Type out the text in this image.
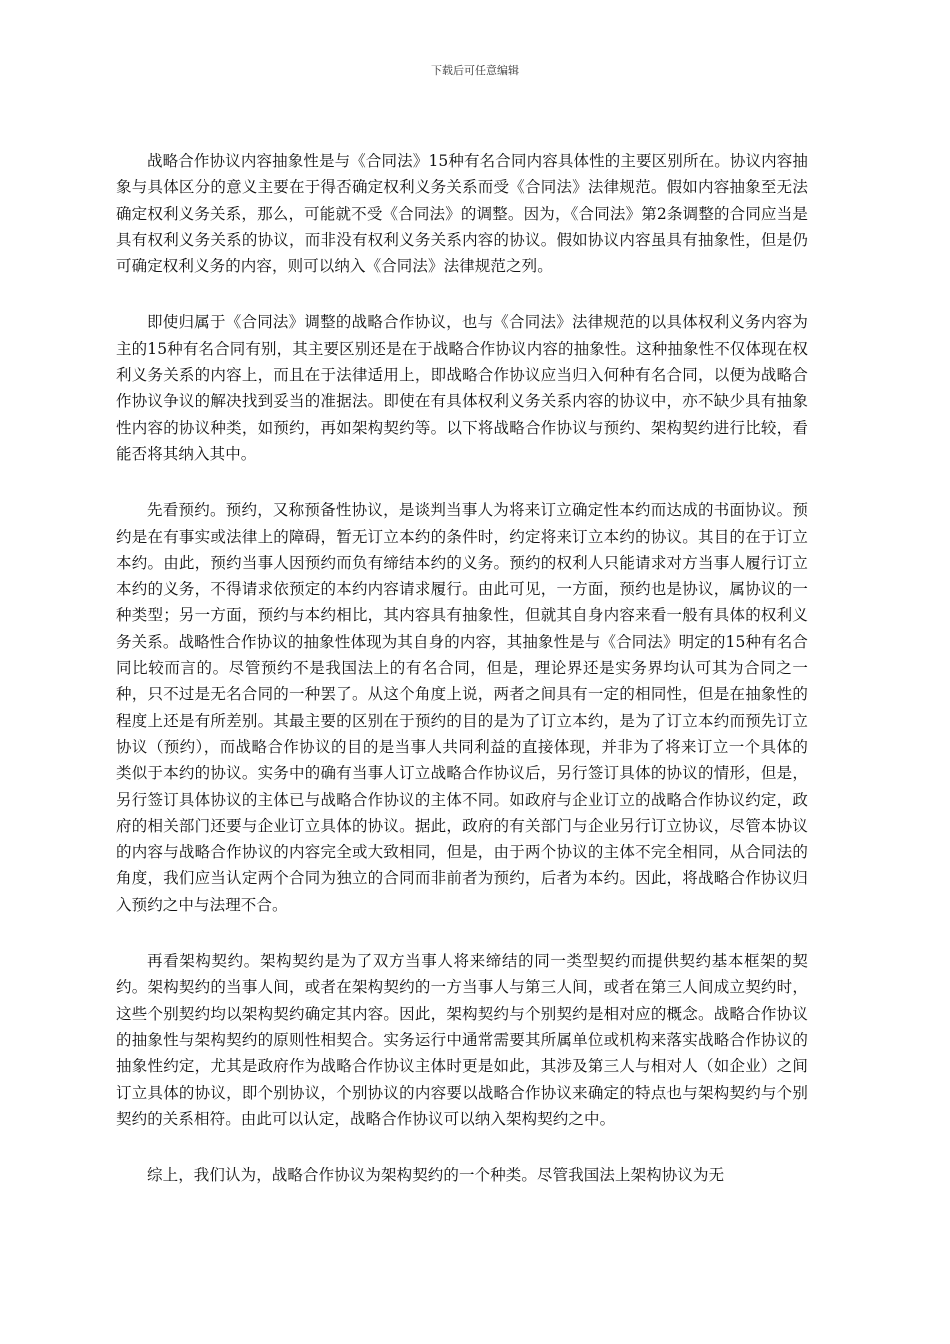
下载后可任意编辑

战略合作协议内容抽象性是与《合同法》15种有名合同内容具体性的主要区别所在。协议内容抽象与具体区分的意义主要在于得否确定权利义务关系而受《合同法》法律规范。假如内容抽象至无法确定权利义务关系，那么，可能就不受《合同法》的调整。因为，《合同法》第2条调整的合同应当是具有权利义务关系的协议，而非没有权利义务关系内容的协议。假如协议内容虽具有抽象性，但是仍可确定权利义务的内容，则可以纳入《合同法》法律规范之列。

即使归属于《合同法》调整的战略合作协议，也与《合同法》法律规范的以具体权利义务内容为主的15种有名合同有别，其主要区别还是在于战略合作协议内容的抽象性。这种抽象性不仅体现在权利义务关系的内容上，而且在于法律适用上，即战略合作协议应当归入何种有名合同，以便为战略合作协议争议的解决找到妥当的准据法。即使在有具体权利义务关系内容的协议中，亦不缺少具有抽象性内容的协议种类，如预约，再如架构契约等。以下将战略合作协议与预约、架构契约进行比较，看能否将其纳入其中。

先看预约。预约，又称预备性协议，是谈判当事人为将来订立确定性本约而达成的书面协议。预约是在有事实或法律上的障碍，暂无订立本约的条件时，约定将来订立本约的协议。其目的在于订立本约。由此，预约当事人因预约而负有缔结本约的义务。预约的权利人只能请求对方当事人履行订立本约的义务，不得请求依预定的本约内容请求履行。由此可见，一方面，预约也是协议，属协议的一种类型；另一方面，预约与本约相比，其内容具有抽象性，但就其自身内容来看一般有具体的权利义务关系。战略性合作协议的抽象性体现为其自身的内容，其抽象性是与《合同法》明定的15种有名合同比较而言的。尽管预约不是我国法上的有名合同，但是，理论界还是实务界均认可其为合同之一种，只不过是无名合同的一种罢了。从这个角度上说，两者之间具有一定的相同性，但是在抽象性的程度上还是有所差别。其最主要的区别在于预约的目的是为了订立本约，是为了订立本约而预先订立协议（预约），而战略合作协议的目的是当事人共同利益的直接体现，并非为了将来订立一个具体的类似于本约的协议。实务中的确有当事人订立战略合作协议后，另行签订具体的协议的情形，但是，另行签订具体协议的主体已与战略合作协议的主体不同。如政府与企业订立的战略合作协议约定，政府的相关部门还要与企业订立具体的协议。据此，政府的有关部门与企业另行订立协议，尽管本协议的内容与战略合作协议的内容完全或大致相同，但是，由于两个协议的主体不完全相同，从合同法的角度，我们应当认定两个合同为独立的合同而非前者为预约，后者为本约。因此，将战略合作协议归入预约之中与法理不合。

再看架构契约。架构契约是为了双方当事人将来缔结的同一类型契约而提供契约基本框架的契约。架构契约的当事人间，或者在架构契约的一方当事人与第三人间，或者在第三人间成立契约时，这些个别契约均以架构契约确定其内容。因此，架构契约与个别契约是相对应的概念。战略合作协议的抽象性与架构契约的原则性相契合。实务运行中通常需要其所属单位或机构来落实战略合作协议的抽象性约定，尤其是政府作为战略合作协议主体时更是如此，其涉及第三人与相对人（如企业）之间订立具体的协议，即个别协议，个别协议的内容要以战略合作协议来确定的特点也与架构契约与个别契约的关系相符。由此可以认定，战略合作协议可以纳入架构契约之中。

综上，我们认为，战略合作协议为架构契约的一个种类。尽管我国法上架构协议为无
